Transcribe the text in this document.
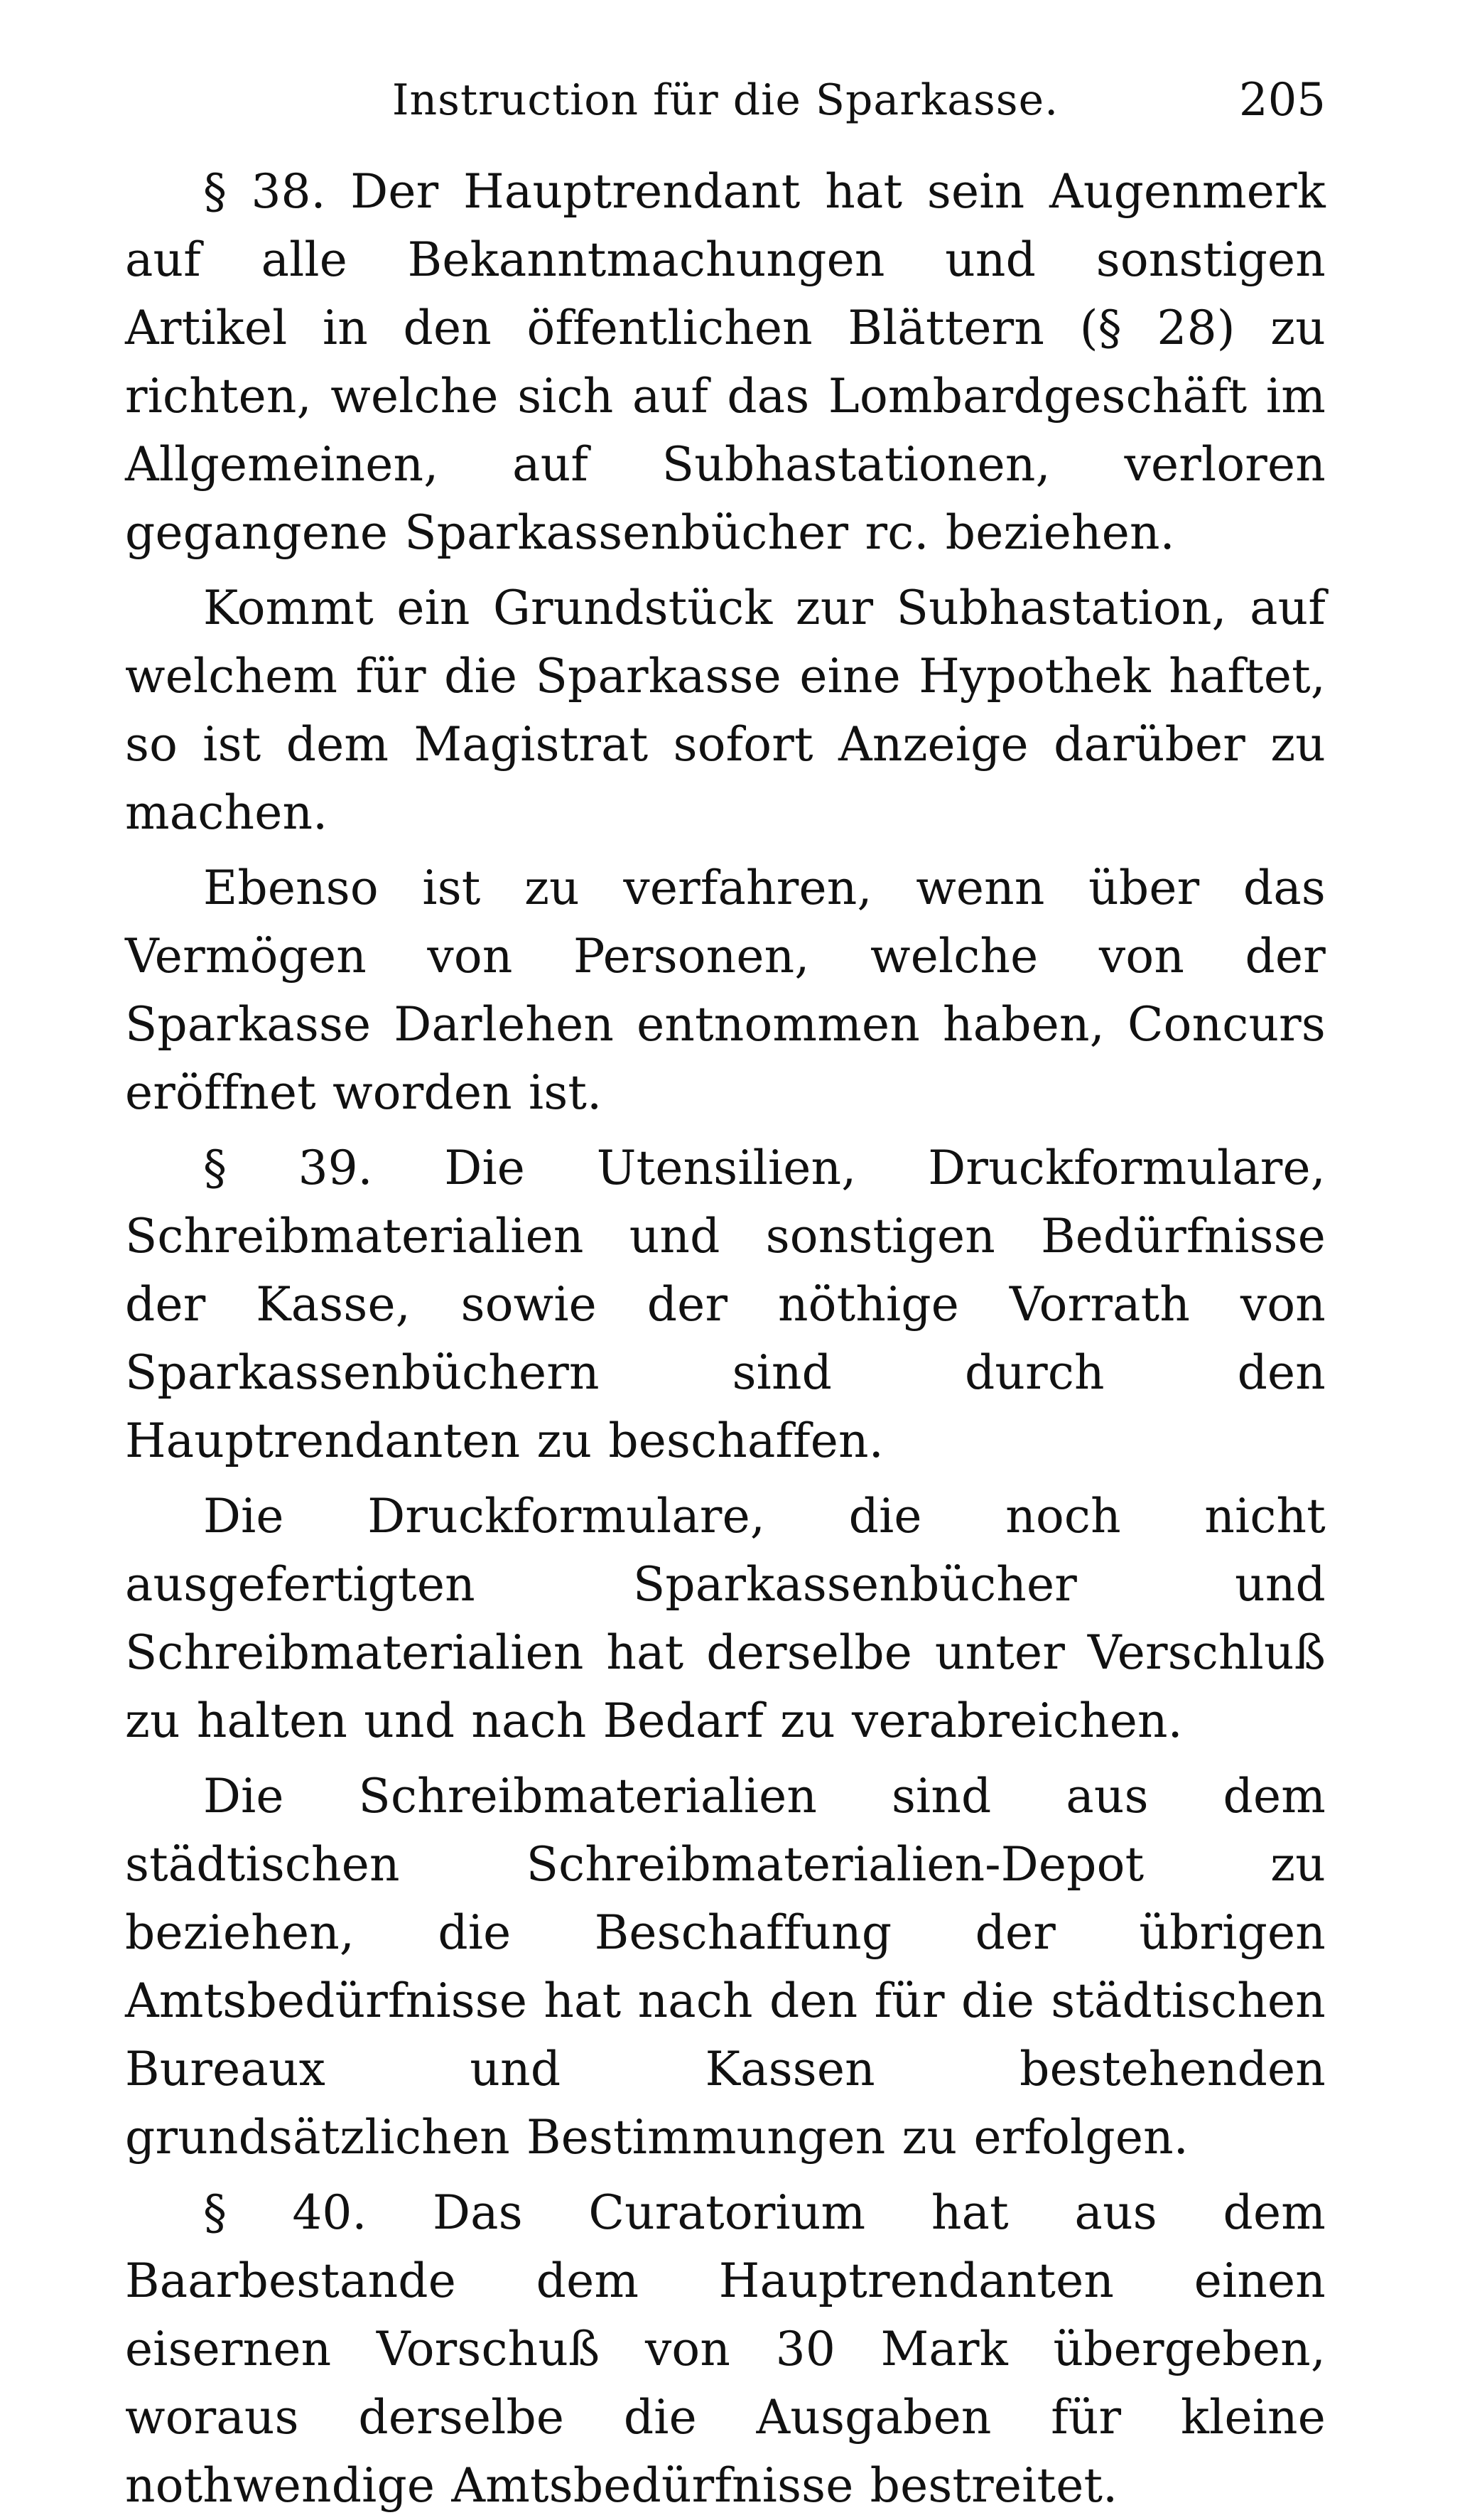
Instruction für die Sparkasse.	205

§ 38. Der Hauptrendant hat sein Augenmerk auf alle Bekanntmachungen und sonstigen Artikel in den öffentlichen Blättern (§ 28) zu richten, welche sich auf das Lombardgeschäft im Allgemeinen, auf Subhastationen, verloren gegangene Sparkassenbücher rc. beziehen.

Kommt ein Grundstück zur Subhastation, auf welchem für die Sparkasse eine Hypothek haftet, so ist dem Magistrat sofort Anzeige darüber zu machen.

Ebenso ist zu verfahren, wenn über das Vermögen von Personen, welche von der Sparkasse Darlehen entnommen haben, Concurs eröffnet worden ist.

§ 39. Die Utensilien, Druckformulare, Schreibmaterialien und sonstigen Bedürfnisse der Kasse, sowie der nöthige Vorrath von Sparkassenbüchern sind durch den Hauptrendanten zu beschaffen.

Die Druckformulare, die noch nicht ausgefertigten Sparkassenbücher und Schreibmaterialien hat derselbe unter Verschluß zu halten und nach Bedarf zu verabreichen.

Die Schreibmaterialien sind aus dem städtischen Schreibmaterialien-Depot zu beziehen, die Beschaffung der übrigen Amtsbedürfnisse hat nach den für die städtischen Bureaux und Kassen bestehenden grundsätzlichen Bestimmungen zu erfolgen.

§ 40. Das Curatorium hat aus dem Baarbestande dem Hauptrendanten einen eisernen Vorschuß von 30 Mark übergeben, woraus derselbe die Ausgaben für kleine nothwendige Amtsbedürfnisse bestreitet.
